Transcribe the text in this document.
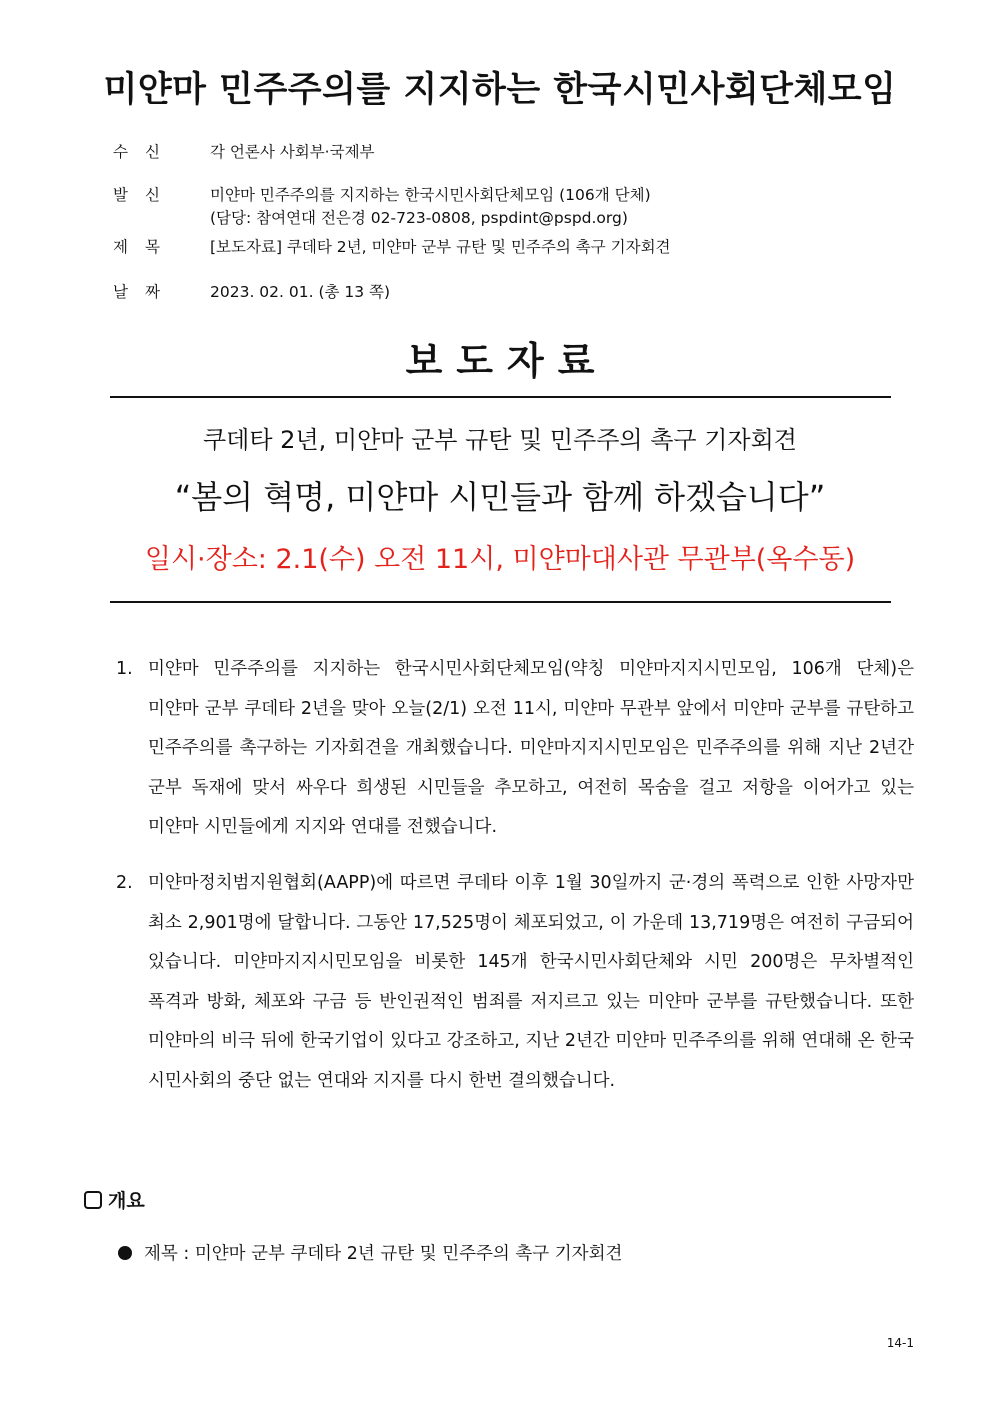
미얀마 민주주의를 지지하는 한국시민사회단체모임
수신 각 언론사 사회부·국제부
발신 미얀마 민주주의를 지지하는 한국시민사회단체모임 (106개 단체)
(담당: 참여연대 전은경 02-723-0808, pspdint@pspd.org)
제목 [보도자료] 쿠데타 2년, 미얀마 군부 규탄 및 민주주의 촉구 기자회견
날짜 2023. 02. 01. (총 13 쪽)
보도자료
쿠데타 2년, 미얀마 군부 규탄 및 민주주의 촉구 기자회견
“봄의 혁명, 미얀마 시민들과 함께 하겠습니다”
일시·장소: 2.1(수) 오전 11시, 미얀마대사관 무관부(옥수동)
1. 미얀마 민주주의를 지지하는 한국시민사회단체모임(약칭 미얀마지지시민모임, 106개 단체)은 미얀마 군부 쿠데타 2년을 맞아 오늘(2/1) 오전 11시, 미얀마 무관부 앞에서 미얀마 군부를 규탄하고 민주주의를 촉구하는 기자회견을 개최했습니다. 미얀마지지시민모임은 민주주의를 위해 지난 2년간 군부 독재에 맞서 싸우다 희생된 시민들을 추모하고, 여전히 목숨을 걸고 저항을 이어가고 있는 미얀마 시민들에게 지지와 연대를 전했습니다.
2. 미얀마정치범지원협회(AAPP)에 따르면 쿠데타 이후 1월 30일까지 군·경의 폭력으로 인한 사망자만 최소 2,901명에 달합니다. 그동안 17,525명이 체포되었고, 이 가운데 13,719명은 여전히 구금되어 있습니다. 미얀마지지시민모임을 비롯한 145개 한국시민사회단체와 시민 200명은 무차별적인 폭격과 방화, 체포와 구금 등 반인권적인 범죄를 저지르고 있는 미얀마 군부를 규탄했습니다. 또한 미얀마의 비극 뒤에 한국기업이 있다고 강조하고, 지난 2년간 미얀마 민주주의를 위해 연대해 온 한국 시민사회의 중단 없는 연대와 지지를 다시 한번 결의했습니다.
개요
제목 : 미얀마 군부 쿠데타 2년 규탄 및 민주주의 촉구 기자회견
14-1
